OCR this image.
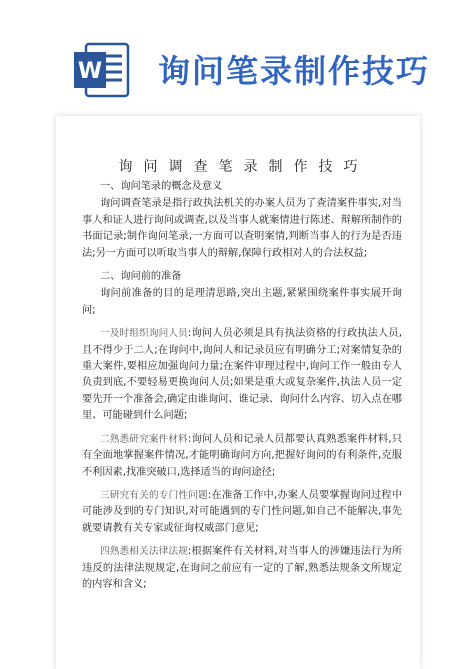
W 询问笔录制作技巧
询问调查笔录制作技巧

一、询问笔录的概念及意义

询问调查笔录是指行政执法机关的办案人员为了查清案件事实,对当事人和证人进行询问或调查,以及当事人就案情进行陈述、辩解所制作的书面记录;制作询问笔录,一方面可以查明案情,判断当事人的行为是否违法;另一方面可以听取当事人的辩解,保障行政相对人的合法权益;

二、询问前的准备

询问前准备的目的是理清思路,突出主题,紧紧围绕案件事实展开询问;

一及时组织询问人员:询问人员必须是具有执法资格的行政执法人员,且不得少于二人;在询问中,询问人和记录员应有明确分工;对案情复杂的重大案件,要相应加强询问力量;在案件审理过程中,询问工作一般由专人负责到底,不要轻易更换询问人员;如果是重大或复杂案件,执法人员一定要先开一个准备会,确定由谁询问、谁记录、询问什么内容、切入点在哪里、可能碰到什么问题;

二熟悉研究案件材料:询问人员和记录人员都要认真熟悉案件材料,只有全面地掌握案件情况,才能明确询问方向,把握好询问的有利条件,克服不利因素,找准突破口,选择适当的询问途径;

三研究有关的专门性问题:在准备工作中,办案人员要掌握询问过程中可能涉及到的专门知识,对可能遇到的专门性问题,如自己不能解决,事先就要请教有关专家或征询权威部门意见;

四熟悉相关法律法规:根据案件有关材料,对当事人的涉嫌违法行为所违反的法律法规规定,在询问之前应有一定的了解,熟悉法规条文所规定的内容和含义;
